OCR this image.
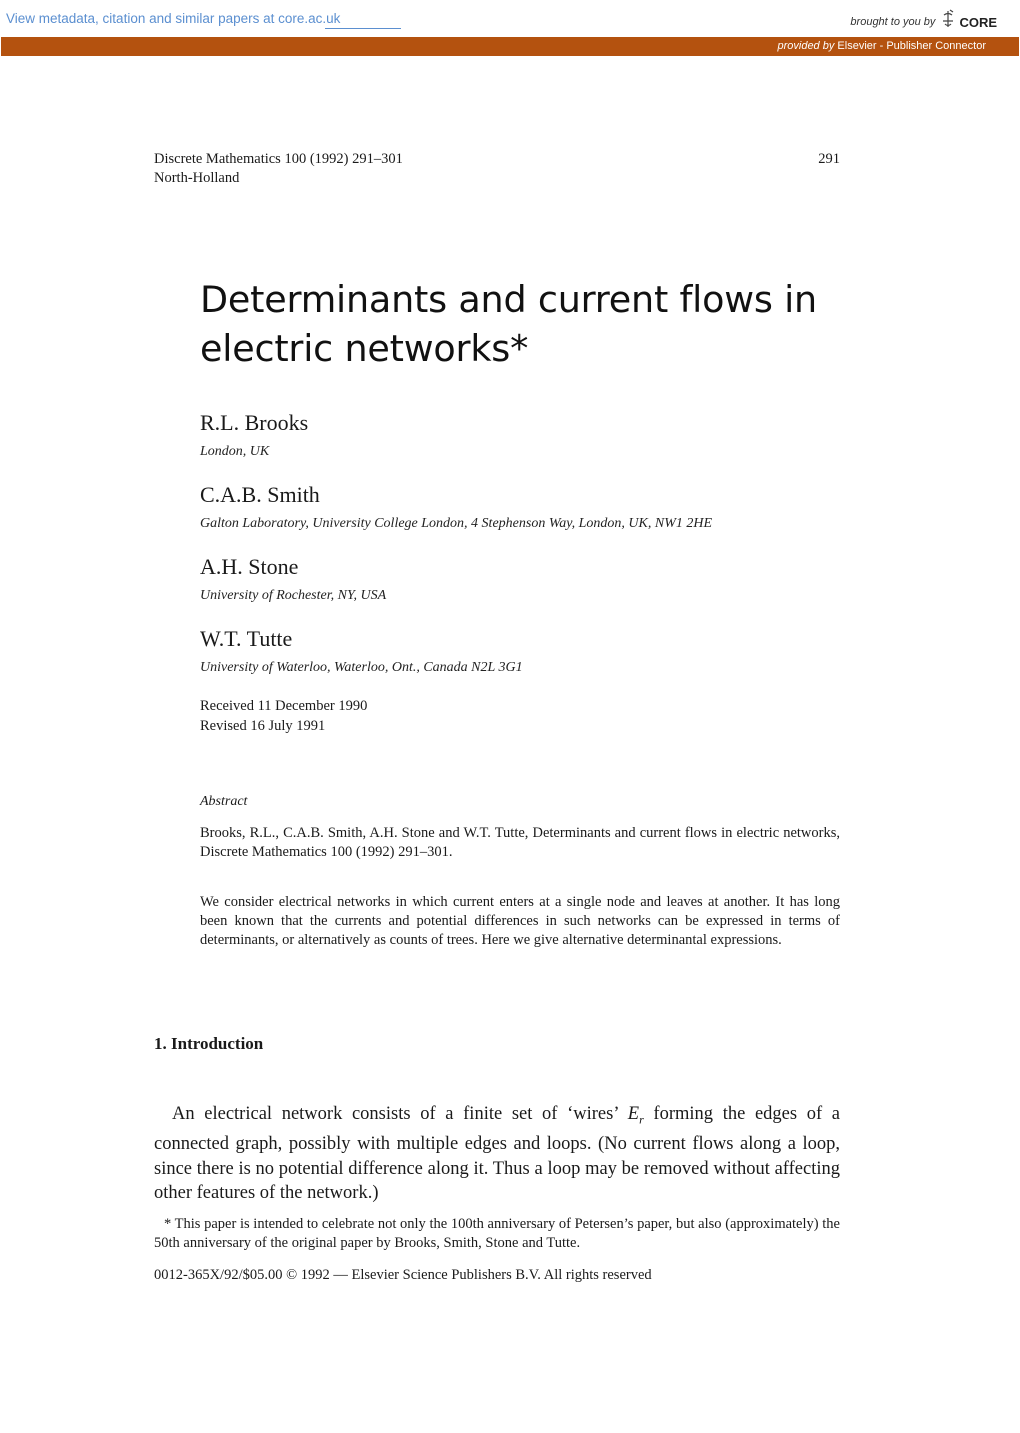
View metadata, citation and similar papers at core.ac.uk	brought to you by CORE
provided by Elsevier - Publisher Connector
Discrete Mathematics 100 (1992) 291–301
North-Holland
291
Determinants and current flows in
electric networks*
R.L. Brooks
London, UK
C.A.B. Smith
Galton Laboratory, University College London, 4 Stephenson Way, London, UK, NW1 2HE
A.H. Stone
University of Rochester, NY, USA
W.T. Tutte
University of Waterloo, Waterloo, Ont., Canada N2L 3G1
Received 11 December 1990
Revised 16 July 1991
Abstract
Brooks, R.L., C.A.B. Smith, A.H. Stone and W.T. Tutte, Determinants and current flows in electric networks, Discrete Mathematics 100 (1992) 291–301.
We consider electrical networks in which current enters at a single node and leaves at another. It has long been known that the currents and potential differences in such networks can be expressed in terms of determinants, or alternatively as counts of trees. Here we give alternative determinantal expressions.
1. Introduction
An electrical network consists of a finite set of ‘wires’ $E_r$ forming the edges of a connected graph, possibly with multiple edges and loops. (No current flows along a loop, since there is no potential difference along it. Thus a loop may be removed without affecting other features of the network.)
* This paper is intended to celebrate not only the 100th anniversary of Petersen’s paper, but also (approximately) the 50th anniversary of the original paper by Brooks, Smith, Stone and Tutte.
0012-365X/92/$05.00 © 1992 — Elsevier Science Publishers B.V. All rights reserved
